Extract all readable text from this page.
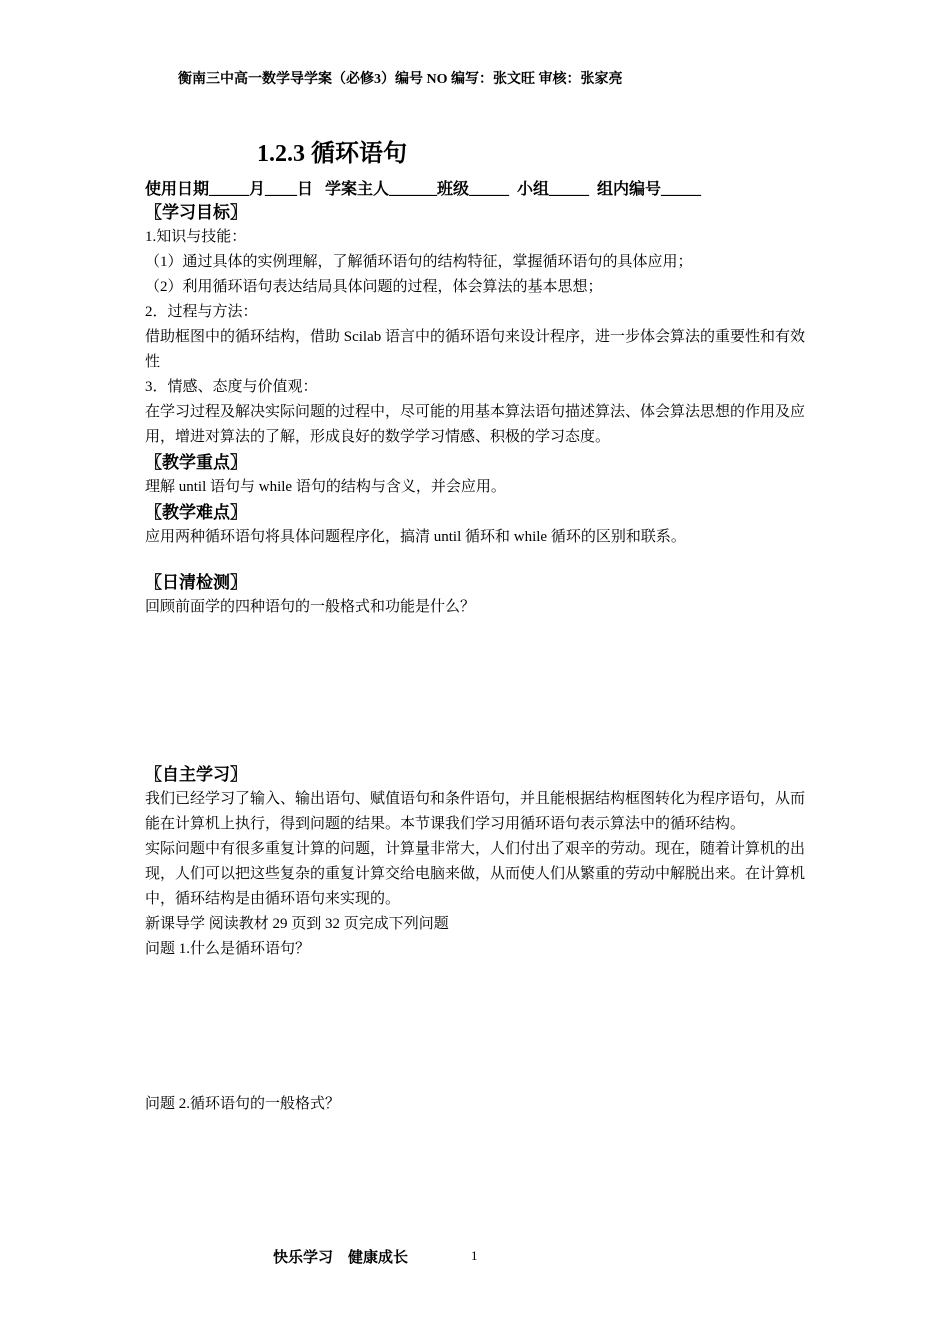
衡南三中高一数学导学案（必修3）编号 NO 编写：张文旺 审核：张家亮
1.2.3 循环语句
使用日期_____月____日   学案主人______班级_____  小组_____  组内编号_____
〖学习目标〗

1.知识与技能：

（1）通过具体的实例理解，了解循环语句的结构特征，掌握循环语句的具体应用；

（2）利用循环语句表达结局具体问题的过程，体会算法的基本思想；

2．过程与方法：

借助框图中的循环结构，借助 Scilab 语言中的循环语句来设计程序，进一步体会算法的重要性和有效性

3．情感、态度与价值观：

在学习过程及解决实际问题的过程中，尽可能的用基本算法语句描述算法、体会算法思想的作用及应用，增进对算法的了解，形成良好的数学学习情感、积极的学习态度。

〖教学重点〗

理解 until 语句与 while 语句的结构与含义，并会应用。

〖教学难点〗

应用两种循环语句将具体问题程序化，搞清 until 循环和 while 循环的区别和联系。

〖日清检测〗

回顾前面学的四种语句的一般格式和功能是什么？

〖自主学习〗

我们已经学习了输入、输出语句、赋值语句和条件语句，并且能根据结构框图转化为程序语句，从而能在计算机上执行，得到问题的结果。本节课我们学习用循环语句表示算法中的循环结构。

实际问题中有很多重复计算的问题，计算量非常大，人们付出了艰辛的劳动。现在，随着计算机的出现，人们可以把这些复杂的重复计算交给电脑来做，从而使人们从繁重的劳动中解脱出来。在计算机中，循环结构是由循环语句来实现的。

新课导学 阅读教材 29 页到 32 页完成下列问题

问题 1.什么是循环语句？

问题 2.循环语句的一般格式？

快乐学习    健康成长	1
